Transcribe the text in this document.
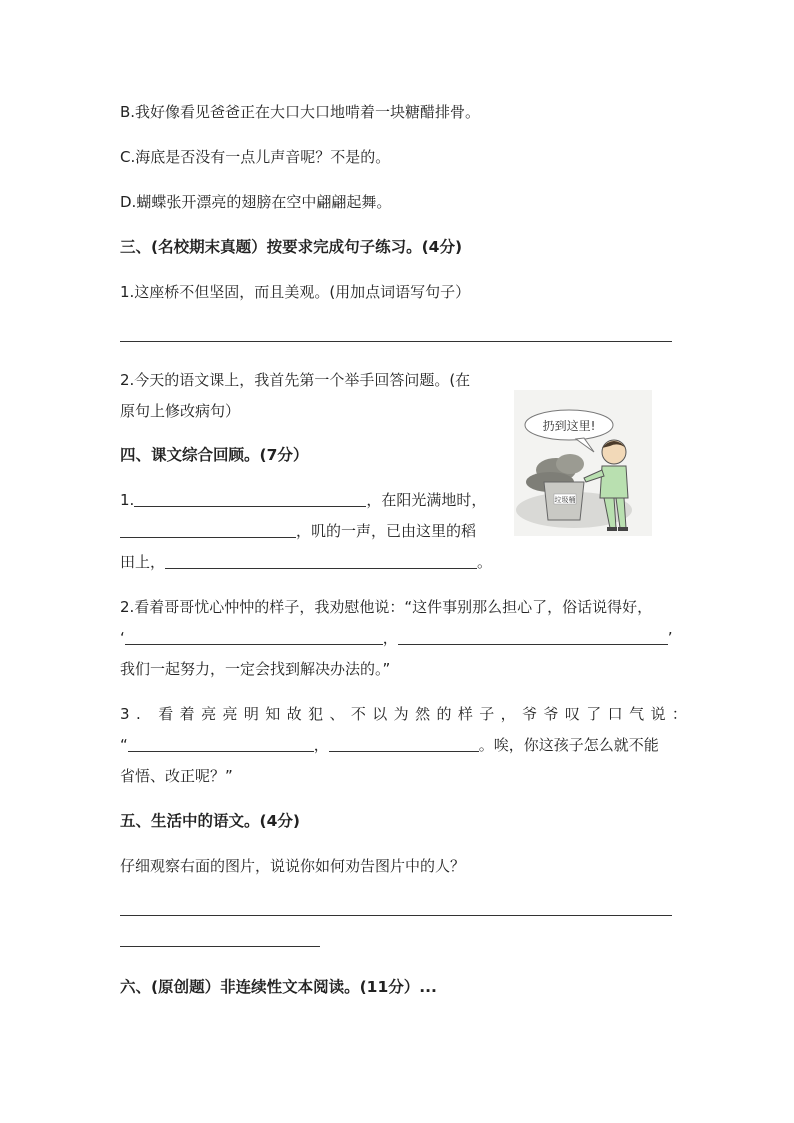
B.我好像看见爸爸正在大口大口地啃着一块糖醋排骨。
C.海底是否没有一点儿声音呢？不是的。
D.蝴蝶张开漂亮的翅膀在空中翩翩起舞。
三、(名校期末真题）按要求完成句子练习。(4分)
1.这座桥不但坚固，而且美观。(用加点词语写句子）
2.今天的语文课上，我首先第一个举手回答问题。(在
原句上修改病句）
四、课文综合回顾。(7分）
1.	，在阳光满地时，
，叽的一声，已由这里的稻
田上，	。
2.看着哥哥忧心忡忡的样子，我劝慰他说：“这件事别那么担心了，俗话说得好，
‘	，	’
我们一起努力，一定会找到解决办法的。”
3. 看着亮亮明知故犯、不以为然的样子，爷爷叹了口气说：
“	，	。唉，你这孩子怎么就不能
省悟、改正呢？”
五、生活中的语文。(4分)
仔细观察右面的图片，说说你如何劝告图片中的人？
六、(原创题）非连续性文本阅读。(11分）...
扔到这里!
垃圾桶
